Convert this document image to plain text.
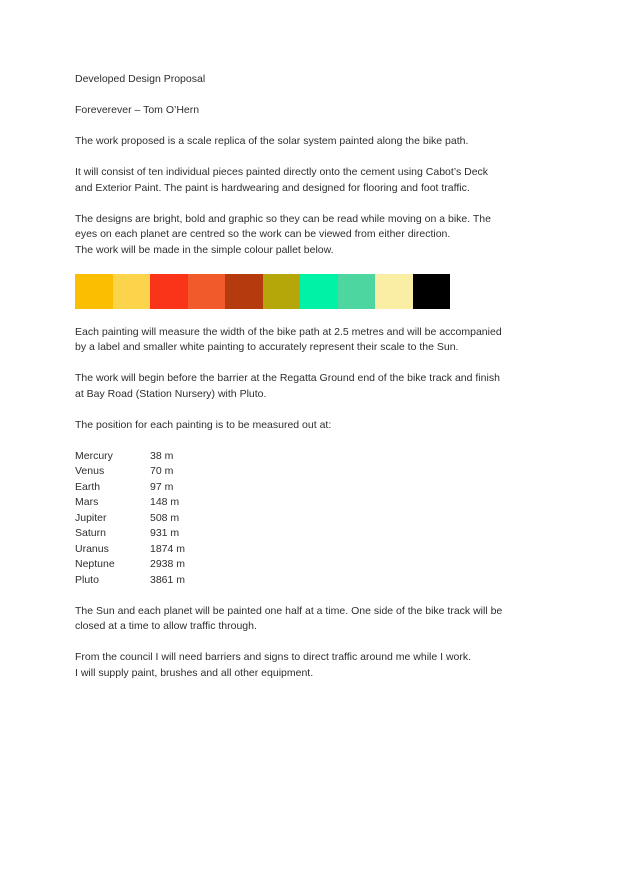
Developed Design Proposal

Foreverever – Tom O’Hern

The work proposed is a scale replica of the solar system painted along the bike path.

It will consist of ten individual pieces painted directly onto the cement using Cabot’s Deck
and Exterior Paint. The paint is hardwearing and designed for flooring and foot traffic.

The designs are bright, bold and graphic so they can be read while moving on a bike. The
eyes on each planet are centred so the work can be viewed from either direction.
The work will be made in the simple colour pallet below.

Each painting will measure the width of the bike path at 2.5 metres and will be accompanied
by a label and smaller white painting to accurately represent their scale to the Sun.

The work will begin before the barrier at the Regatta Ground end of the bike track and finish
at Bay Road (Station Nursery) with Pluto.

The position for each painting is to be measured out at:

Mercury	38 m
Venus	70 m
Earth	97 m
Mars	148 m
Jupiter	508 m
Saturn	931 m
Uranus	1874 m
Neptune	2938 m
Pluto	3861 m

The Sun and each planet will be painted one half at a time. One side of the bike track will be
closed at a time to allow traffic through.

From the council I will need barriers and signs to direct traffic around me while I work.
I will supply paint, brushes and all other equipment.
